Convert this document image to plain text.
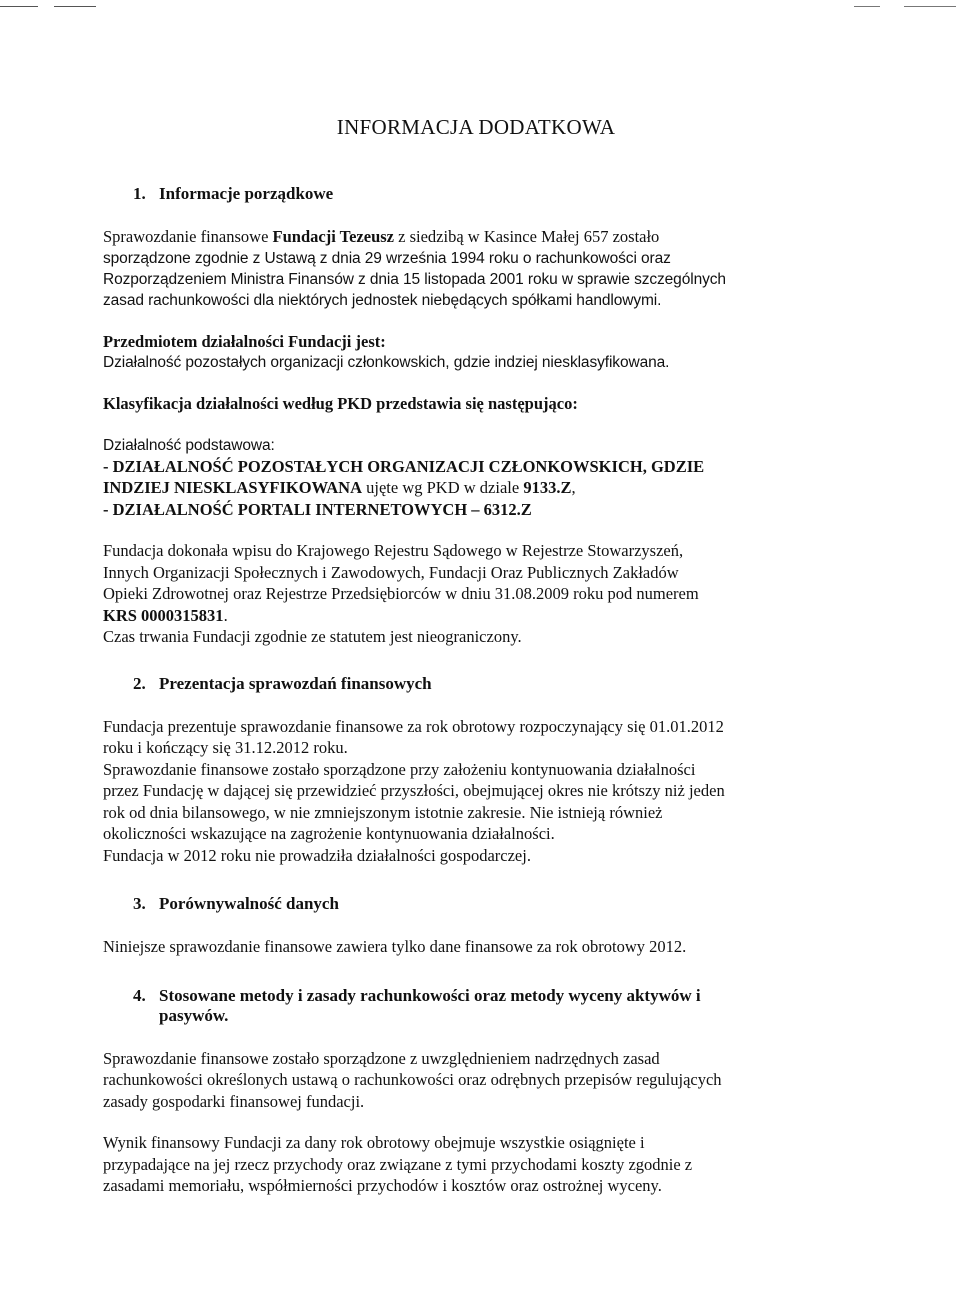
INFORMACJA DODATKOWA
1. Informacje porządkowe

Sprawozdanie finansowe Fundacji Tezeusz z siedzibą w Kasince Małej 657 zostało

sporządzone zgodnie z Ustawą z dnia 29 września 1994 roku o rachunkowości oraz

Rozporządzeniem Ministra Finansów z dnia 15 listopada 2001 roku w sprawie szczególnych

zasad rachunkowości dla niektórych jednostek niebędących spółkami handlowymi.

Przedmiotem działalności Fundacji jest:

Działalność pozostałych organizacji członkowskich, gdzie indziej niesklasyfikowana.

Klasyfikacja działalności według PKD przedstawia się następująco:

Działalność podstawowa:

- DZIAŁALNOŚĆ POZOSTAŁYCH ORGANIZACJI CZŁONKOWSKICH, GDZIE

INDZIEJ NIESKLASYFIKOWANA ujęte wg PKD w dziale 9133.Z,

- DZIAŁALNOŚĆ PORTALI INTERNETOWYCH – 6312.Z

Fundacja dokonała wpisu do Krajowego Rejestru Sądowego w Rejestrze Stowarzyszeń,

Innych Organizacji Społecznych i Zawodowych, Fundacji Oraz Publicznych Zakładów

Opieki Zdrowotnej oraz Rejestrze Przedsiębiorców w dniu 31.08.2009 roku pod numerem

KRS 0000315831.

Czas trwania Fundacji zgodnie ze statutem jest nieograniczony.

2. Prezentacja sprawozdań finansowych

Fundacja prezentuje sprawozdanie finansowe za rok obrotowy rozpoczynający się 01.01.2012

roku i kończący się 31.12.2012 roku.

Sprawozdanie finansowe zostało sporządzone przy założeniu kontynuowania działalności

przez Fundację w dającej się przewidzieć przyszłości, obejmującej okres nie krótszy niż jeden

rok od dnia bilansowego, w nie zmniejszonym istotnie zakresie. Nie istnieją również

okoliczności wskazujące na zagrożenie kontynuowania działalności.

Fundacja w 2012 roku nie prowadziła działalności gospodarczej.

3. Porównywalność danych

Niniejsze sprawozdanie finansowe zawiera tylko dane finansowe za rok obrotowy 2012.

4. Stosowane metody i zasady rachunkowości oraz metody wyceny aktywów i
pasywów.

Sprawozdanie finansowe zostało sporządzone z uwzględnieniem nadrzędnych zasad

rachunkowości określonych ustawą o rachunkowości oraz odrębnych przepisów regulujących

zasady gospodarki finansowej fundacji.

Wynik finansowy Fundacji za dany rok obrotowy obejmuje wszystkie osiągnięte i

przypadające na jej rzecz przychody oraz związane z tymi przychodami koszty zgodnie z

zasadami memoriału, współmierności przychodów i kosztów oraz ostrożnej wyceny.
